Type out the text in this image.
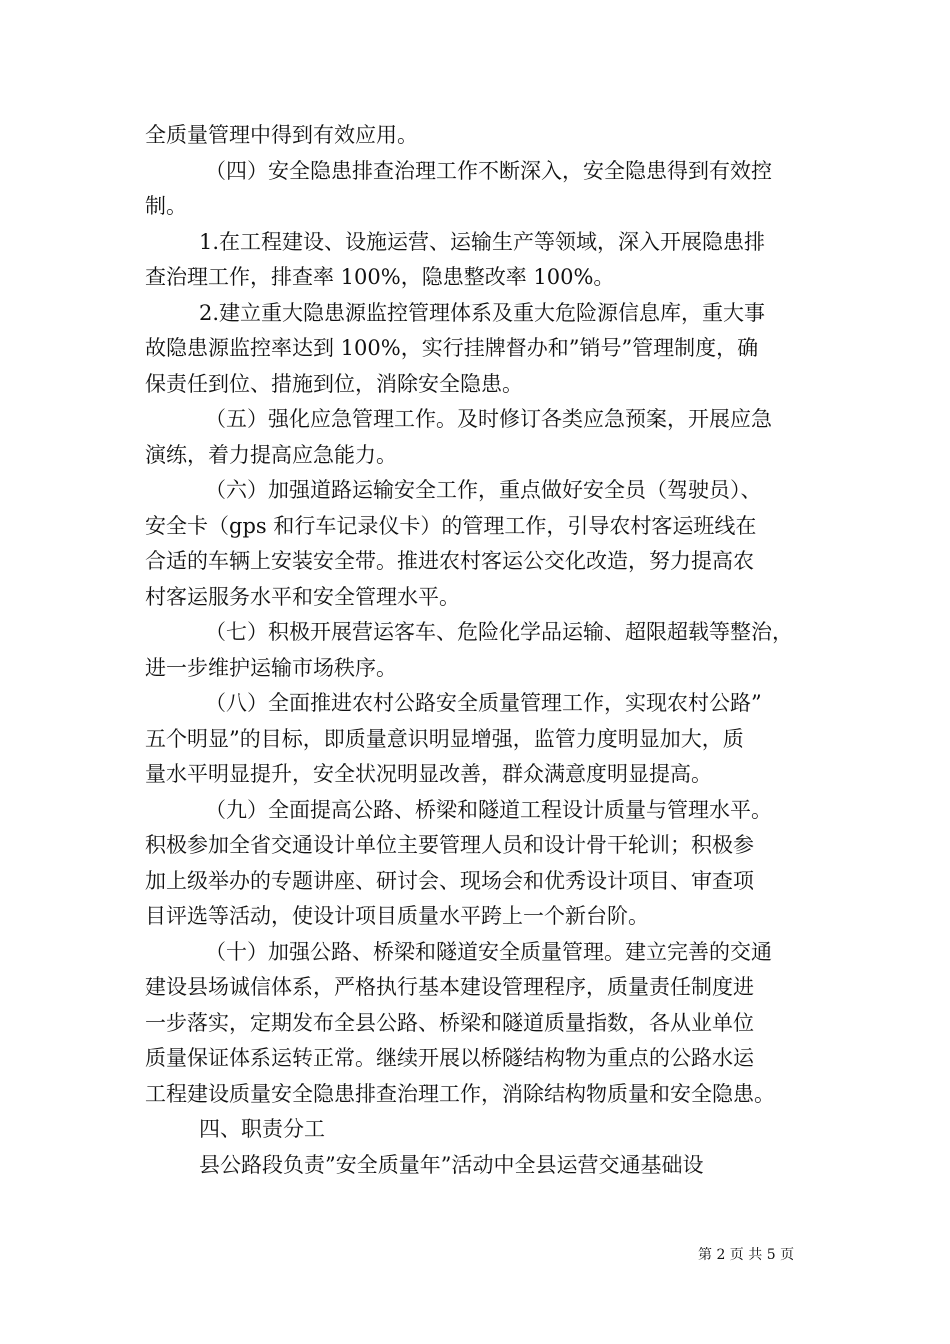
全质量管理中得到有效应用。
（四）安全隐患排查治理工作不断深入，安全隐患得到有效控
制。
1.在工程建设、设施运营、运输生产等领域，深入开展隐患排
查治理工作，排查率 100%，隐患整改率 100%。
2.建立重大隐患源监控管理体系及重大危险源信息库，重大事
故隐患源监控率达到 100%，实行挂牌督办和”销号”管理制度，确
保责任到位、措施到位，消除安全隐患。
（五）强化应急管理工作。及时修订各类应急预案，开展应急
演练，着力提高应急能力。
（六）加强道路运输安全工作，重点做好安全员（驾驶员）、
安全卡（gps 和行车记录仪卡）的管理工作，引导农村客运班线在
合适的车辆上安装安全带。推进农村客运公交化改造，努力提高农
村客运服务水平和安全管理水平。
（七）积极开展营运客车、危险化学品运输、超限超载等整治，
进一步维护运输市场秩序。
（八）全面推进农村公路安全质量管理工作，实现农村公路”
五个明显”的目标，即质量意识明显增强，监管力度明显加大，质
量水平明显提升，安全状况明显改善，群众满意度明显提高。
（九）全面提高公路、桥梁和隧道工程设计质量与管理水平。
积极参加全省交通设计单位主要管理人员和设计骨干轮训；积极参
加上级举办的专题讲座、研讨会、现场会和优秀设计项目、审查项
目评选等活动，使设计项目质量水平跨上一个新台阶。
（十）加强公路、桥梁和隧道安全质量管理。建立完善的交通
建设县场诚信体系，严格执行基本建设管理程序，质量责任制度进
一步落实，定期发布全县公路、桥梁和隧道质量指数，各从业单位
质量保证体系运转正常。继续开展以桥隧结构物为重点的公路水运
工程建设质量安全隐患排查治理工作，消除结构物质量和安全隐患。
四、职责分工
县公路段负责”安全质量年”活动中全县运营交通基础设
第 2 页 共 5 页
